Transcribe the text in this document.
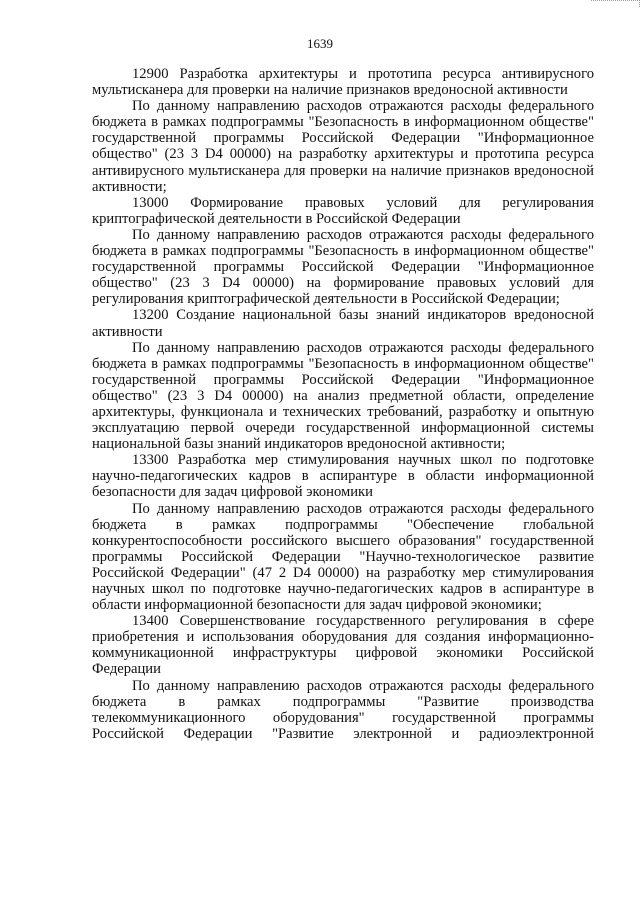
1639

12900 Разработка архитектуры и прототипа ресурса антивирусного мультисканера для проверки на наличие признаков вредоносной активности

По данному направлению расходов отражаются расходы федерального бюджета в рамках подпрограммы "Безопасность в информационном обществе" государственной программы Российской Федерации "Информационное общество" (23 3 D4 00000) на разработку архитектуры и прототипа ресурса антивирусного мультисканера для проверки на наличие признаков вредоносной активности;

13000 Формирование правовых условий для регулирования криптографической деятельности в Российской Федерации

По данному направлению расходов отражаются расходы федерального бюджета в рамках подпрограммы "Безопасность в информационном обществе" государственной программы Российской Федерации "Информационное общество" (23 3 D4 00000) на формирование правовых условий для регулирования криптографической деятельности в Российской Федерации;

13200 Создание национальной базы знаний индикаторов вредоносной активности

По данному направлению расходов отражаются расходы федерального бюджета в рамках подпрограммы "Безопасность в информационном обществе" государственной программы Российской Федерации "Информационное общество" (23 3 D4 00000) на анализ предметной области, определение архитектуры, функционала и технических требований, разработку и опытную эксплуатацию первой очереди государственной информационной системы национальной базы знаний индикаторов вредоносной активности;

13300 Разработка мер стимулирования научных школ по подготовке научно-педагогических кадров в аспирантуре в области информационной безопасности для задач цифровой экономики

По данному направлению расходов отражаются расходы федерального бюджета в рамках подпрограммы "Обеспечение глобальной конкурентоспособности российского высшего образования" государственной программы Российской Федерации "Научно-технологическое развитие Российской Федерации" (47 2 D4 00000) на разработку мер стимулирования научных школ по подготовке научно-педагогических кадров в аспирантуре в области информационной безопасности для задач цифровой экономики;

13400 Совершенствование государственного регулирования в сфере приобретения и использования оборудования для создания информационно-коммуникационной инфраструктуры цифровой экономики Российской Федерации

По данному направлению расходов отражаются расходы федерального бюджета в рамках подпрограммы "Развитие производства телекоммуникационного оборудования" государственной программы Российской Федерации "Развитие электронной и радиоэлектронной
